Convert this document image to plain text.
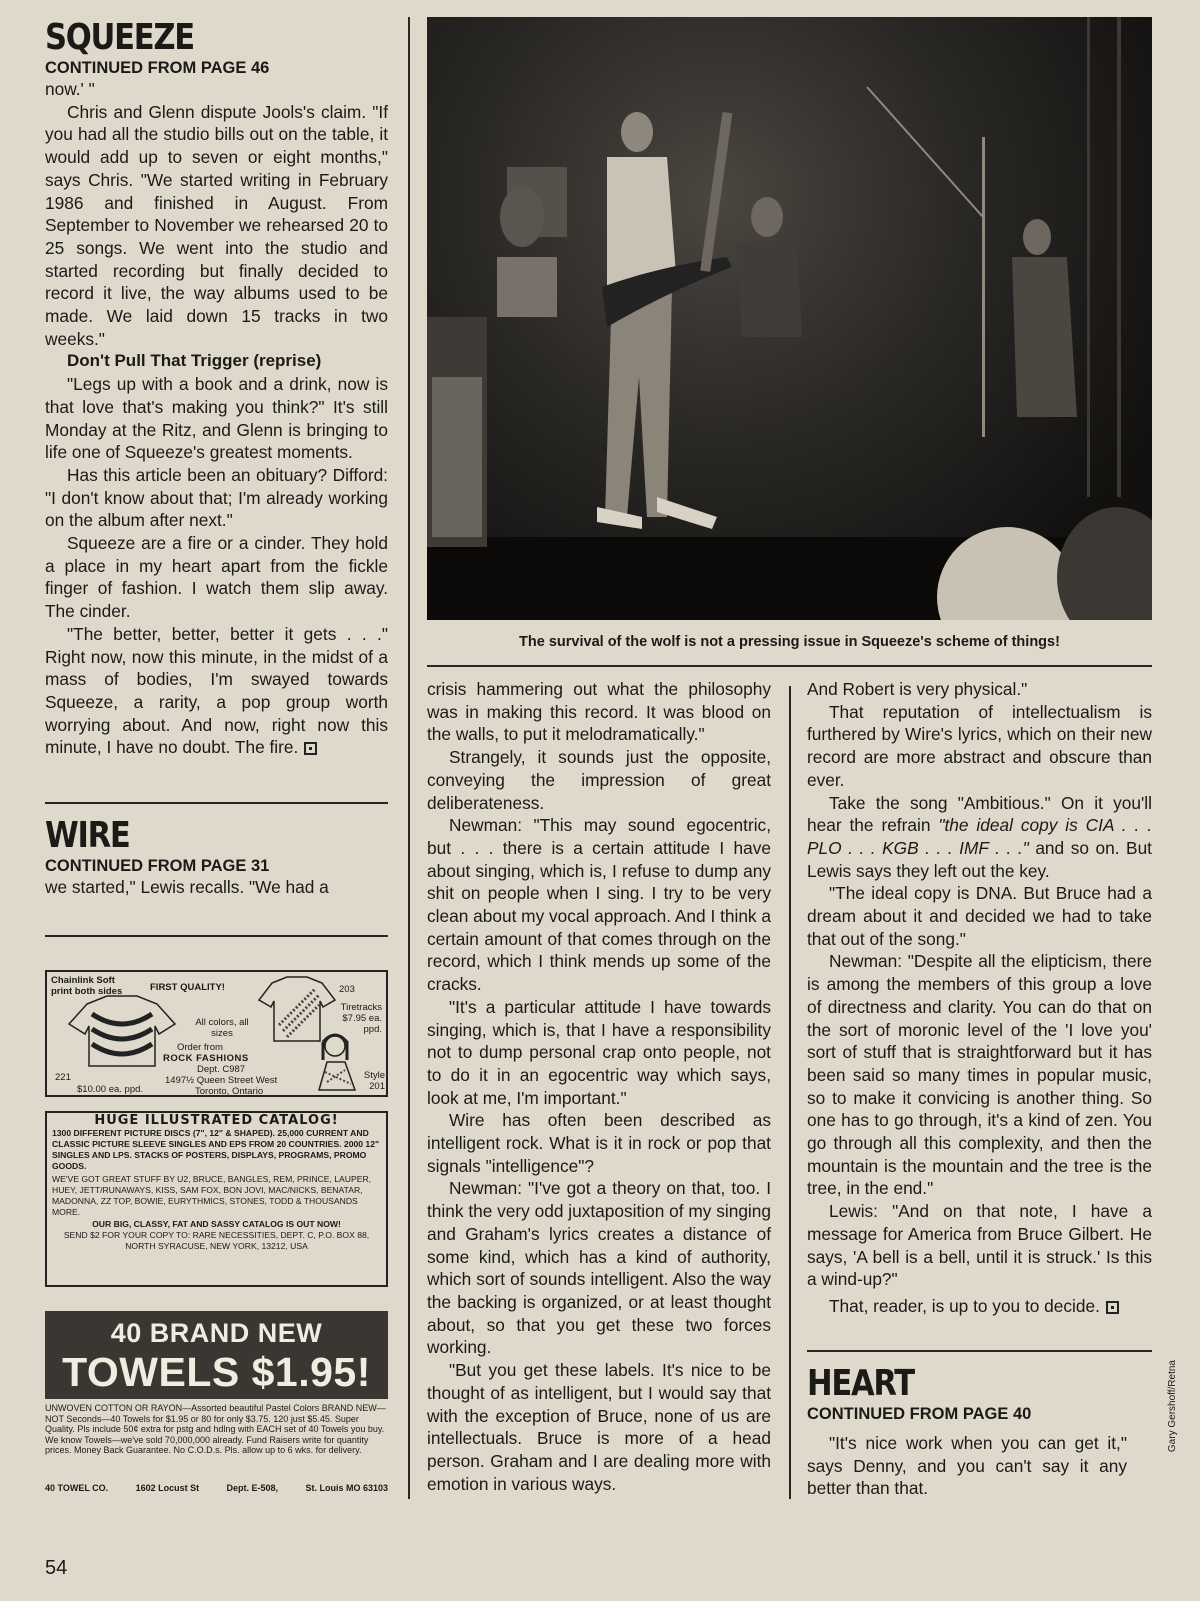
SQUEEZE

CONTINUED FROM PAGE 46

now.' "

Chris and Glenn dispute Jools's claim. "If you had all the studio bills out on the table, it would add up to seven or eight months," says Chris. "We started writing in February 1986 and finished in August. From September to November we rehearsed 20 to 25 songs. We went into the studio and started recording but finally decided to record it live, the way albums used to be made. We laid down 15 tracks in two weeks."

Don't Pull That Trigger (reprise)

"Legs up with a book and a drink, now is that love that's making you think?" It's still Monday at the Ritz, and Glenn is bringing to life one of Squeeze's greatest moments.

Has this article been an obituary? Difford: "I don't know about that; I'm already working on the album after next."

Squeeze are a fire or a cinder. They hold a place in my heart apart from the fickle finger of fashion. I watch them slip away. The cinder.

"The better, better, better it gets . . ." Right now, now this minute, in the midst of a mass of bodies, I'm swayed towards Squeeze, a rarity, a pop group worth worrying about. And now, right now this minute, I have no doubt. The fire.

WIRE

CONTINUED FROM PAGE 31

we started," Lewis recalls. "We had a

Chainlink Soft print both sides	FIRST QUALITY!	203
Tiretracks $7.95 ea. ppd.
All colors, all sizes
Order from
ROCK FASHIONS
Dept. C987
1497½ Queen Street West
Toronto, Ontario
221
$10.00 ea. ppd.
Style 201
HUGE ILLUSTRATED CATALOG!
1300 DIFFERENT PICTURE DISCS (7", 12" & SHAPED). 25,000 CURRENT AND CLASSIC PICTURE SLEEVE SINGLES AND EPS FROM 20 COUNTRIES. 2000 12" SINGLES AND LPS. STACKS OF POSTERS, DISPLAYS, PROGRAMS, PROMO GOODS.
WE'VE GOT GREAT STUFF BY U2, BRUCE, BANGLES, REM, PRINCE, LAUPER, HUEY, JETT/RUNAWAYS, KISS, SAM FOX, BON JOVI, MAC/NICKS, BENATAR, MADONNA, ZZ TOP, BOWIE, EURYTHMICS, STONES, TODD & THOUSANDS MORE.
OUR BIG, CLASSY, FAT AND SASSY CATALOG IS OUT NOW!
SEND $2 FOR YOUR COPY TO: RARE NECESSITIES, DEPT. C, P.O. BOX 88, NORTH SYRACUSE, NEW YORK, 13212, USA
40 BRAND NEW
TOWELS $1.95!
UNWOVEN COTTON OR RAYON—Assorted beautiful Pastel Colors BRAND NEW—NOT Seconds—40 Towels for $1.95 or 80 for only $3.75. 120 just $5.45. Super Quality. Pls include 50¢ extra for pstg and hdlng with EACH set of 40 Towels you buy. We know Towels—we've sold 70,000,000 already. Fund Raisers write for quantity prices. Money Back Guarantee. No C.O.D.s. Pls. allow up to 6 wks. for delivery.
40 TOWEL CO.	1602 Locust St	Dept. E-508,	St. Louis MO 63103
54
The survival of the wolf is not a pressing issue in Squeeze's scheme of things!
Gary Gershoff/Retna

crisis hammering out what the philosophy was in making this record. It was blood on the walls, to put it melodramatically."

Strangely, it sounds just the opposite, conveying the impression of great deliberateness.

Newman: "This may sound egocentric, but . . . there is a certain attitude I have about singing, which is, I refuse to dump any shit on people when I sing. I try to be very clean about my vocal approach. And I think a certain amount of that comes through on the record, which I think mends up some of the cracks.

"It's a particular attitude I have towards singing, which is, that I have a responsibility not to dump personal crap onto people, not to do it in an egocentric way which says, look at me, I'm important."

Wire has often been described as intelligent rock. What is it in rock or pop that signals "intelligence"?

Newman: "I've got a theory on that, too. I think the very odd juxtaposition of my singing and Graham's lyrics creates a distance of some kind, which has a kind of authority, which sort of sounds intelligent. Also the way the backing is organized, or at least thought about, so that you get these two forces working.

"But you get these labels. It's nice to be thought of as intelligent, but I would say that with the exception of Bruce, none of us are intellectuals. Bruce is more of a head person. Graham and I are dealing more with emotion in various ways.

And Robert is very physical."

That reputation of intellectualism is furthered by Wire's lyrics, which on their new record are more abstract and obscure than ever.

Take the song "Ambitious." On it you'll hear the refrain "the ideal copy is CIA . . . PLO . . . KGB . . . IMF . . ." and so on. But Lewis says they left out the key.

"The ideal copy is DNA. But Bruce had a dream about it and decided we had to take that out of the song."

Newman: "Despite all the elipticism, there is among the members of this group a love of directness and clarity. You can do that on the sort of moronic level of the 'I love you' sort of stuff that is straightforward but it has been said so many times in popular music, so to make it convicing is another thing. So one has to go through, it's a kind of zen. You go through all this complexity, and then the mountain is the mountain and the tree is the tree, in the end."

Lewis: "And on that note, I have a message for America from Bruce Gilbert. He says, 'A bell is a bell, until it is struck.' Is this a wind-up?"

That, reader, is up to you to decide.

HEART

CONTINUED FROM PAGE 40

"It's nice work when you can get it," says Denny, and you can't say it any better than that.
